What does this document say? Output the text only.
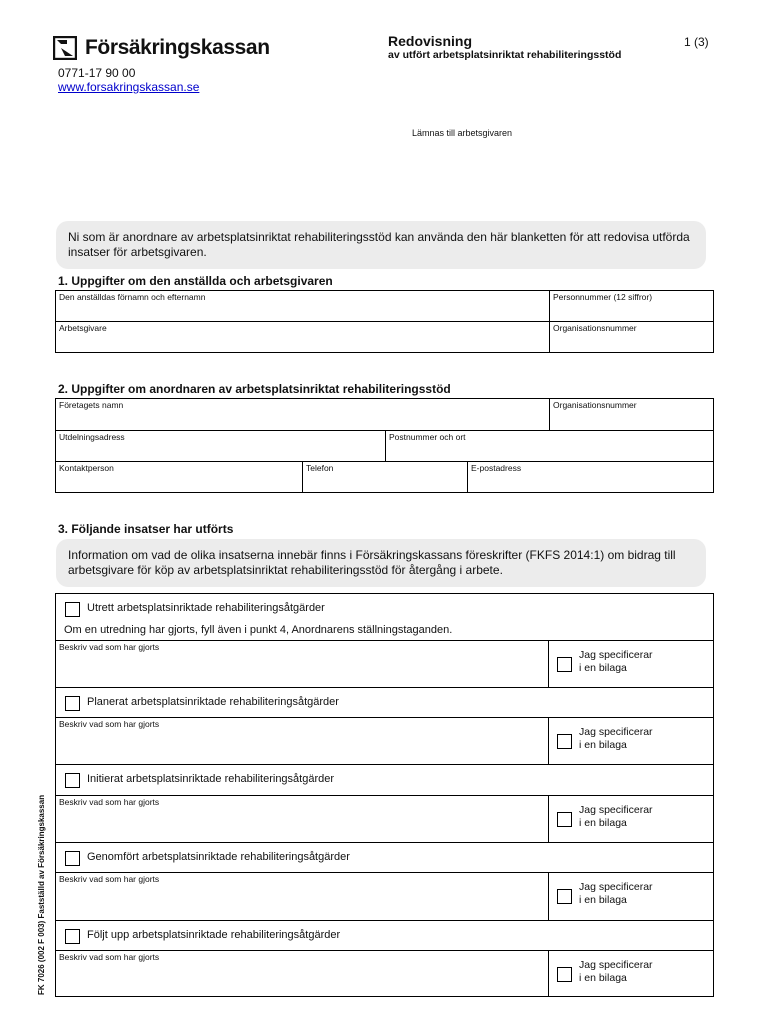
Försäkringskassan
0771-17 90 00
www.forsakringskassan.se
Redovisning
av utfört arbetsplatsinriktat rehabiliteringsstöd
1 (3)
Lämnas till arbetsgivaren
Ni som är anordnare av arbetsplatsinriktat rehabiliteringsstöd kan använda den här blanketten för att redovisa utförda insatser för arbetsgivaren.
1. Uppgifter om den anställda och arbetsgivaren
Den anställdas förnamn och efternamn	Personnummer (12 siffror)
Arbetsgivare	Organisationsnummer
2. Uppgifter om anordnaren av arbetsplatsinriktat rehabiliteringsstöd
Företagets namn	Organisationsnummer
Utdelningsadress	Postnummer och ort
Kontaktperson	Telefon	E-postadress
3. Följande insatser har utförts
Information om vad de olika insatserna innebär finns i Försäkringskassans föreskrifter (FKFS 2014:1) om bidrag till arbetsgivare för köp av arbetsplatsinriktat rehabiliteringsstöd för återgång i arbete.
Utrett arbetsplatsinriktade rehabiliteringsåtgärder
Om en utredning har gjorts, fyll även i punkt 4, Anordnarens ställningstaganden.
Beskriv vad som har gjorts
Jag specificerar
i en bilaga
Planerat arbetsplatsinriktade rehabiliteringsåtgärder
Beskriv vad som har gjorts
Jag specificerar
i en bilaga
Initierat arbetsplatsinriktade rehabiliteringsåtgärder
Beskriv vad som har gjorts
Jag specificerar
i en bilaga
Genomfört arbetsplatsinriktade rehabiliteringsåtgärder
Beskriv vad som har gjorts
Jag specificerar
i en bilaga
Följt upp arbetsplatsinriktade rehabiliteringsåtgärder
Beskriv vad som har gjorts
Jag specificerar
i en bilaga
FK 7026 (002 F 003) Fastställd av Försäkringskassan
